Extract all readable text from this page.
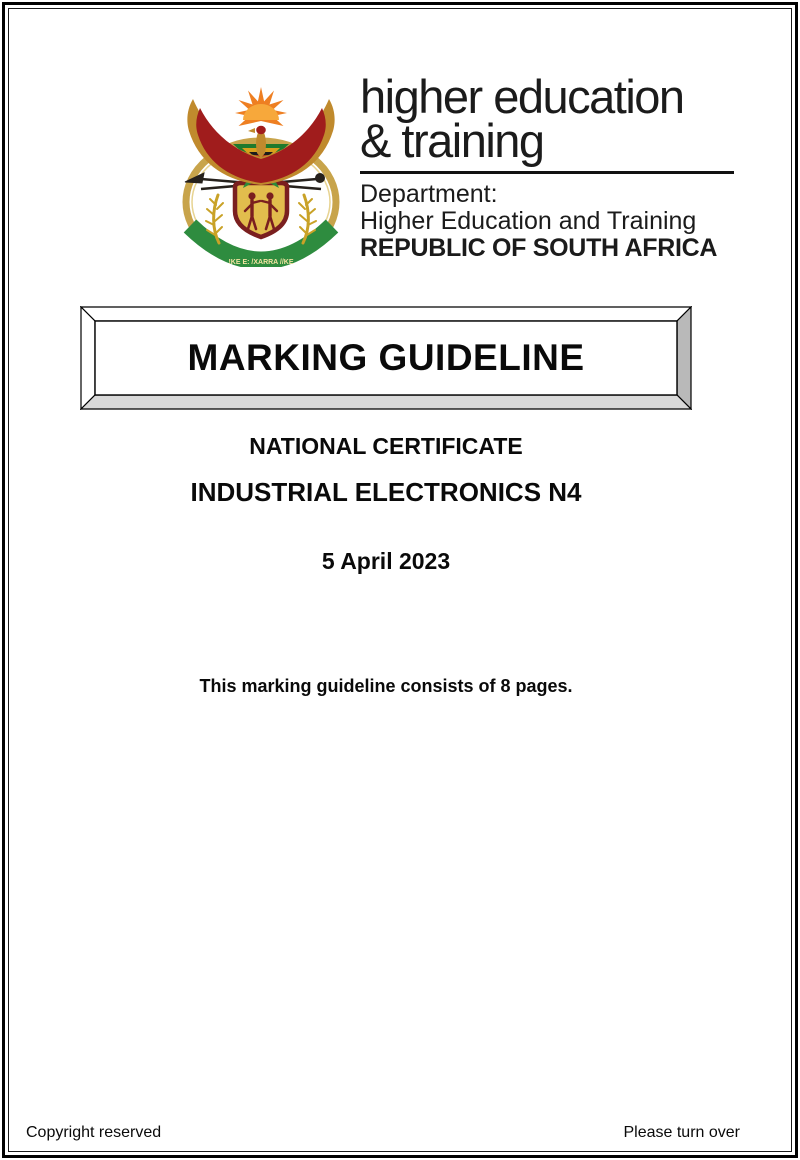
!KE E: /XARRA //KE
higher education
& training
Department:
Higher Education and Training
REPUBLIC OF SOUTH AFRICA
MARKING GUIDELINE
NATIONAL CERTIFICATE
INDUSTRIAL ELECTRONICS N4
5 April 2023
This marking guideline consists of 8 pages.
Copyright reserved	Please turn over
